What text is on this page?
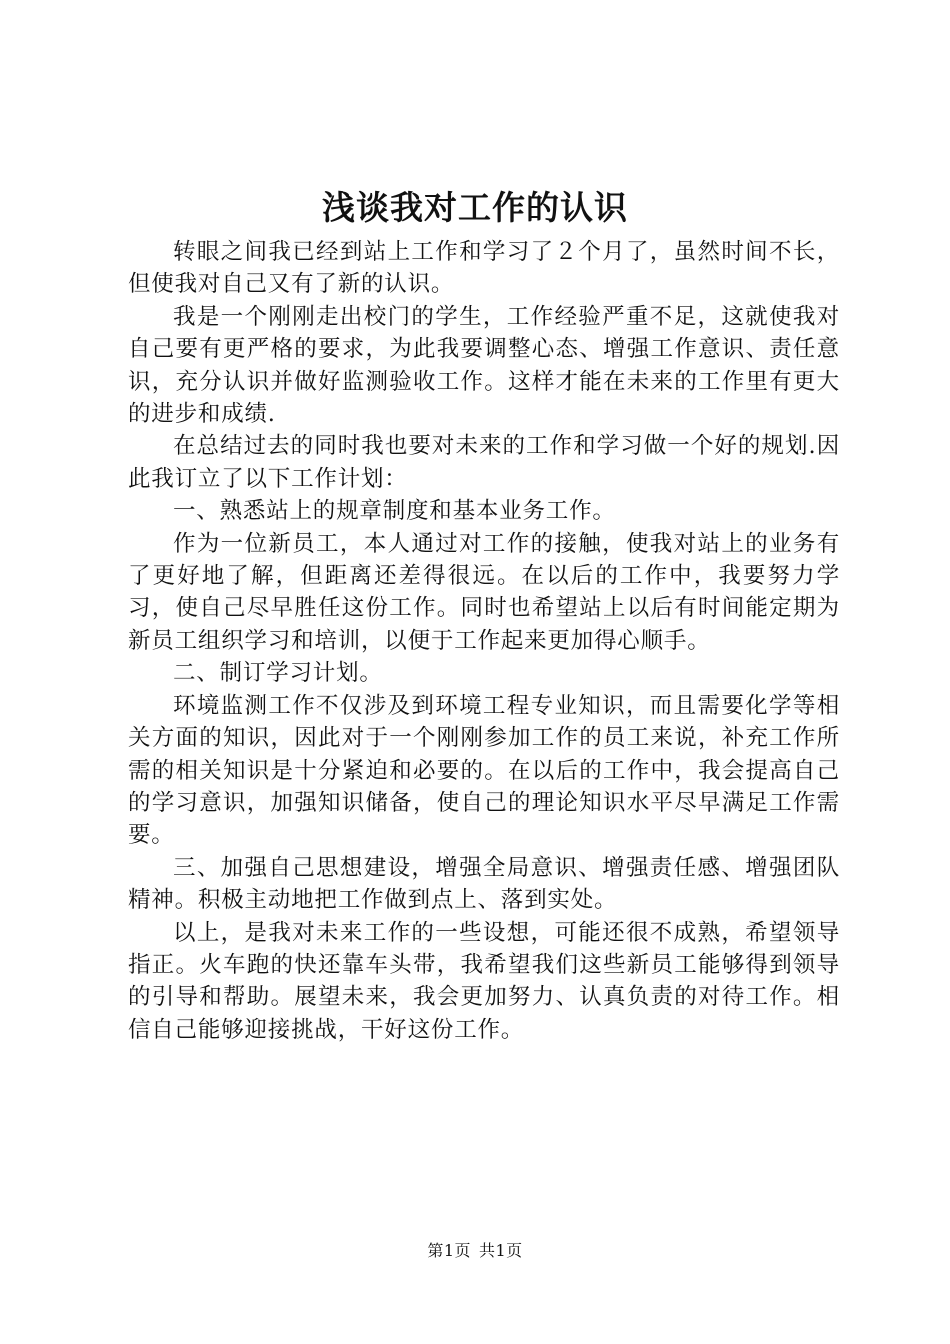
浅谈我对工作的认识

转眼之间我已经到站上工作和学习了２个月了，虽然时间不长，但使我对自己又有了新的认识。

我是一个刚刚走出校门的学生，工作经验严重不足，这就使我对自己要有更严格的要求，为此我要调整心态、增强工作意识、责任意识，充分认识并做好监测验收工作。这样才能在未来的工作里有更大的进步和成绩.

在总结过去的同时我也要对未来的工作和学习做一个好的规划.因此我订立了以下工作计划：

一、熟悉站上的规章制度和基本业务工作。

作为一位新员工，本人通过对工作的接触，使我对站上的业务有了更好地了解，但距离还差得很远。在以后的工作中，我要努力学习，使自己尽早胜任这份工作。同时也希望站上以后有时间能定期为新员工组织学习和培训，以便于工作起来更加得心顺手。

二、制订学习计划。

环境监测工作不仅涉及到环境工程专业知识，而且需要化学等相关方面的知识，因此对于一个刚刚参加工作的员工来说，补充工作所需的相关知识是十分紧迫和必要的。在以后的工作中，我会提高自己的学习意识，加强知识储备，使自己的理论知识水平尽早满足工作需要。

三、加强自己思想建设，增强全局意识、增强责任感、增强团队精神。积极主动地把工作做到点上、落到实处。

以上，是我对未来工作的一些设想，可能还很不成熟，希望领导指正。火车跑的快还靠车头带，我希望我们这些新员工能够得到领导的引导和帮助。展望未来，我会更加努力、认真负责的对待工作。相信自己能够迎接挑战，干好这份工作。

第1页 共1页
